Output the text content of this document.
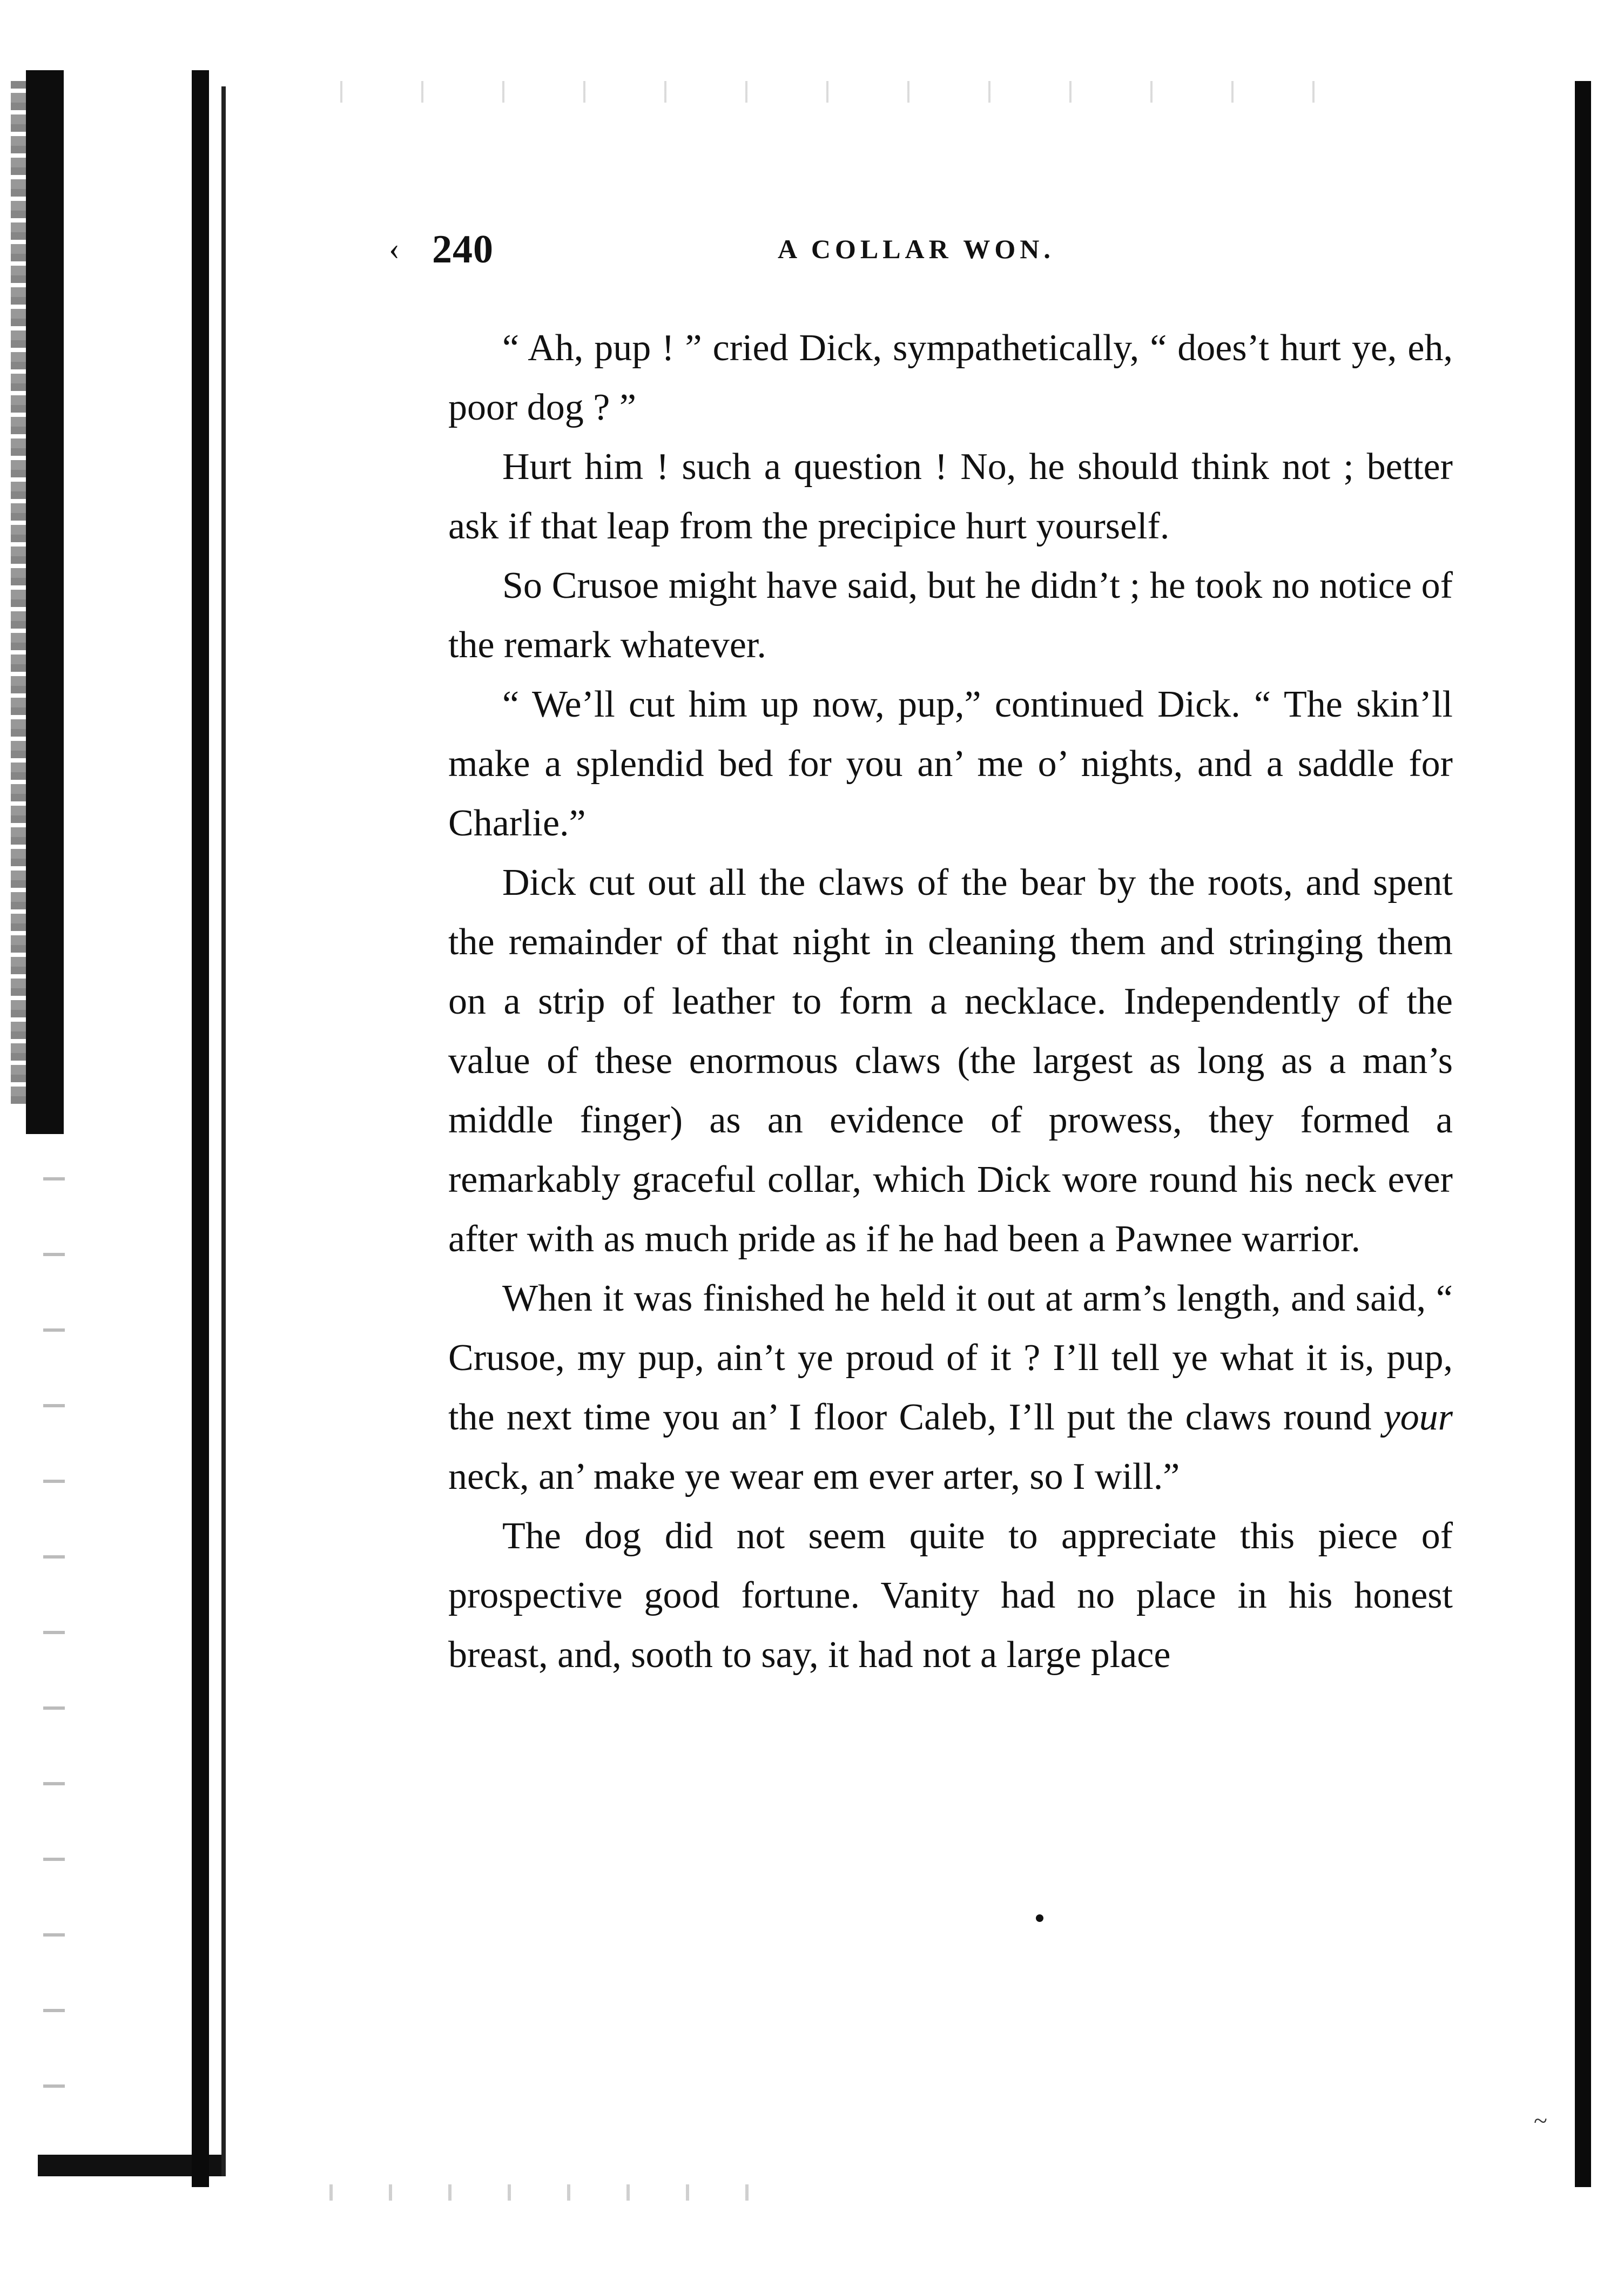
‹ 240	A COLLAR WON.

“ Ah, pup ! ” cried Dick, sympathetically, “ does’t hurt ye, eh, poor dog ? ”

Hurt him ! such a question ! No, he should think not ; better ask if that leap from the precipice hurt yourself.

So Crusoe might have said, but he didn’t ; he took no notice of the remark whatever.

“ We’ll cut him up now, pup,” continued Dick. “ The skin’ll make a splendid bed for you an’ me o’ nights, and a saddle for Charlie.”

Dick cut out all the claws of the bear by the roots, and spent the remainder of that night in cleaning them and stringing them on a strip of leather to form a necklace. Independently of the value of these enormous claws (the largest as long as a man’s middle finger) as an evidence of prowess, they formed a remarkably graceful collar, which Dick wore round his neck ever after with as much pride as if he had been a Pawnee warrior.

When it was finished he held it out at arm’s length, and said, “ Crusoe, my pup, ain’t ye proud of it ? I’ll tell ye what it is, pup, the next time you an’ I floor Caleb, I’ll put the claws round your neck, an’ make ye wear em ever arter, so I will.”

The dog did not seem quite to appreciate this piece of prospective good fortune. Vanity had no place in his honest breast, and, sooth to say, it had not a large place

~
